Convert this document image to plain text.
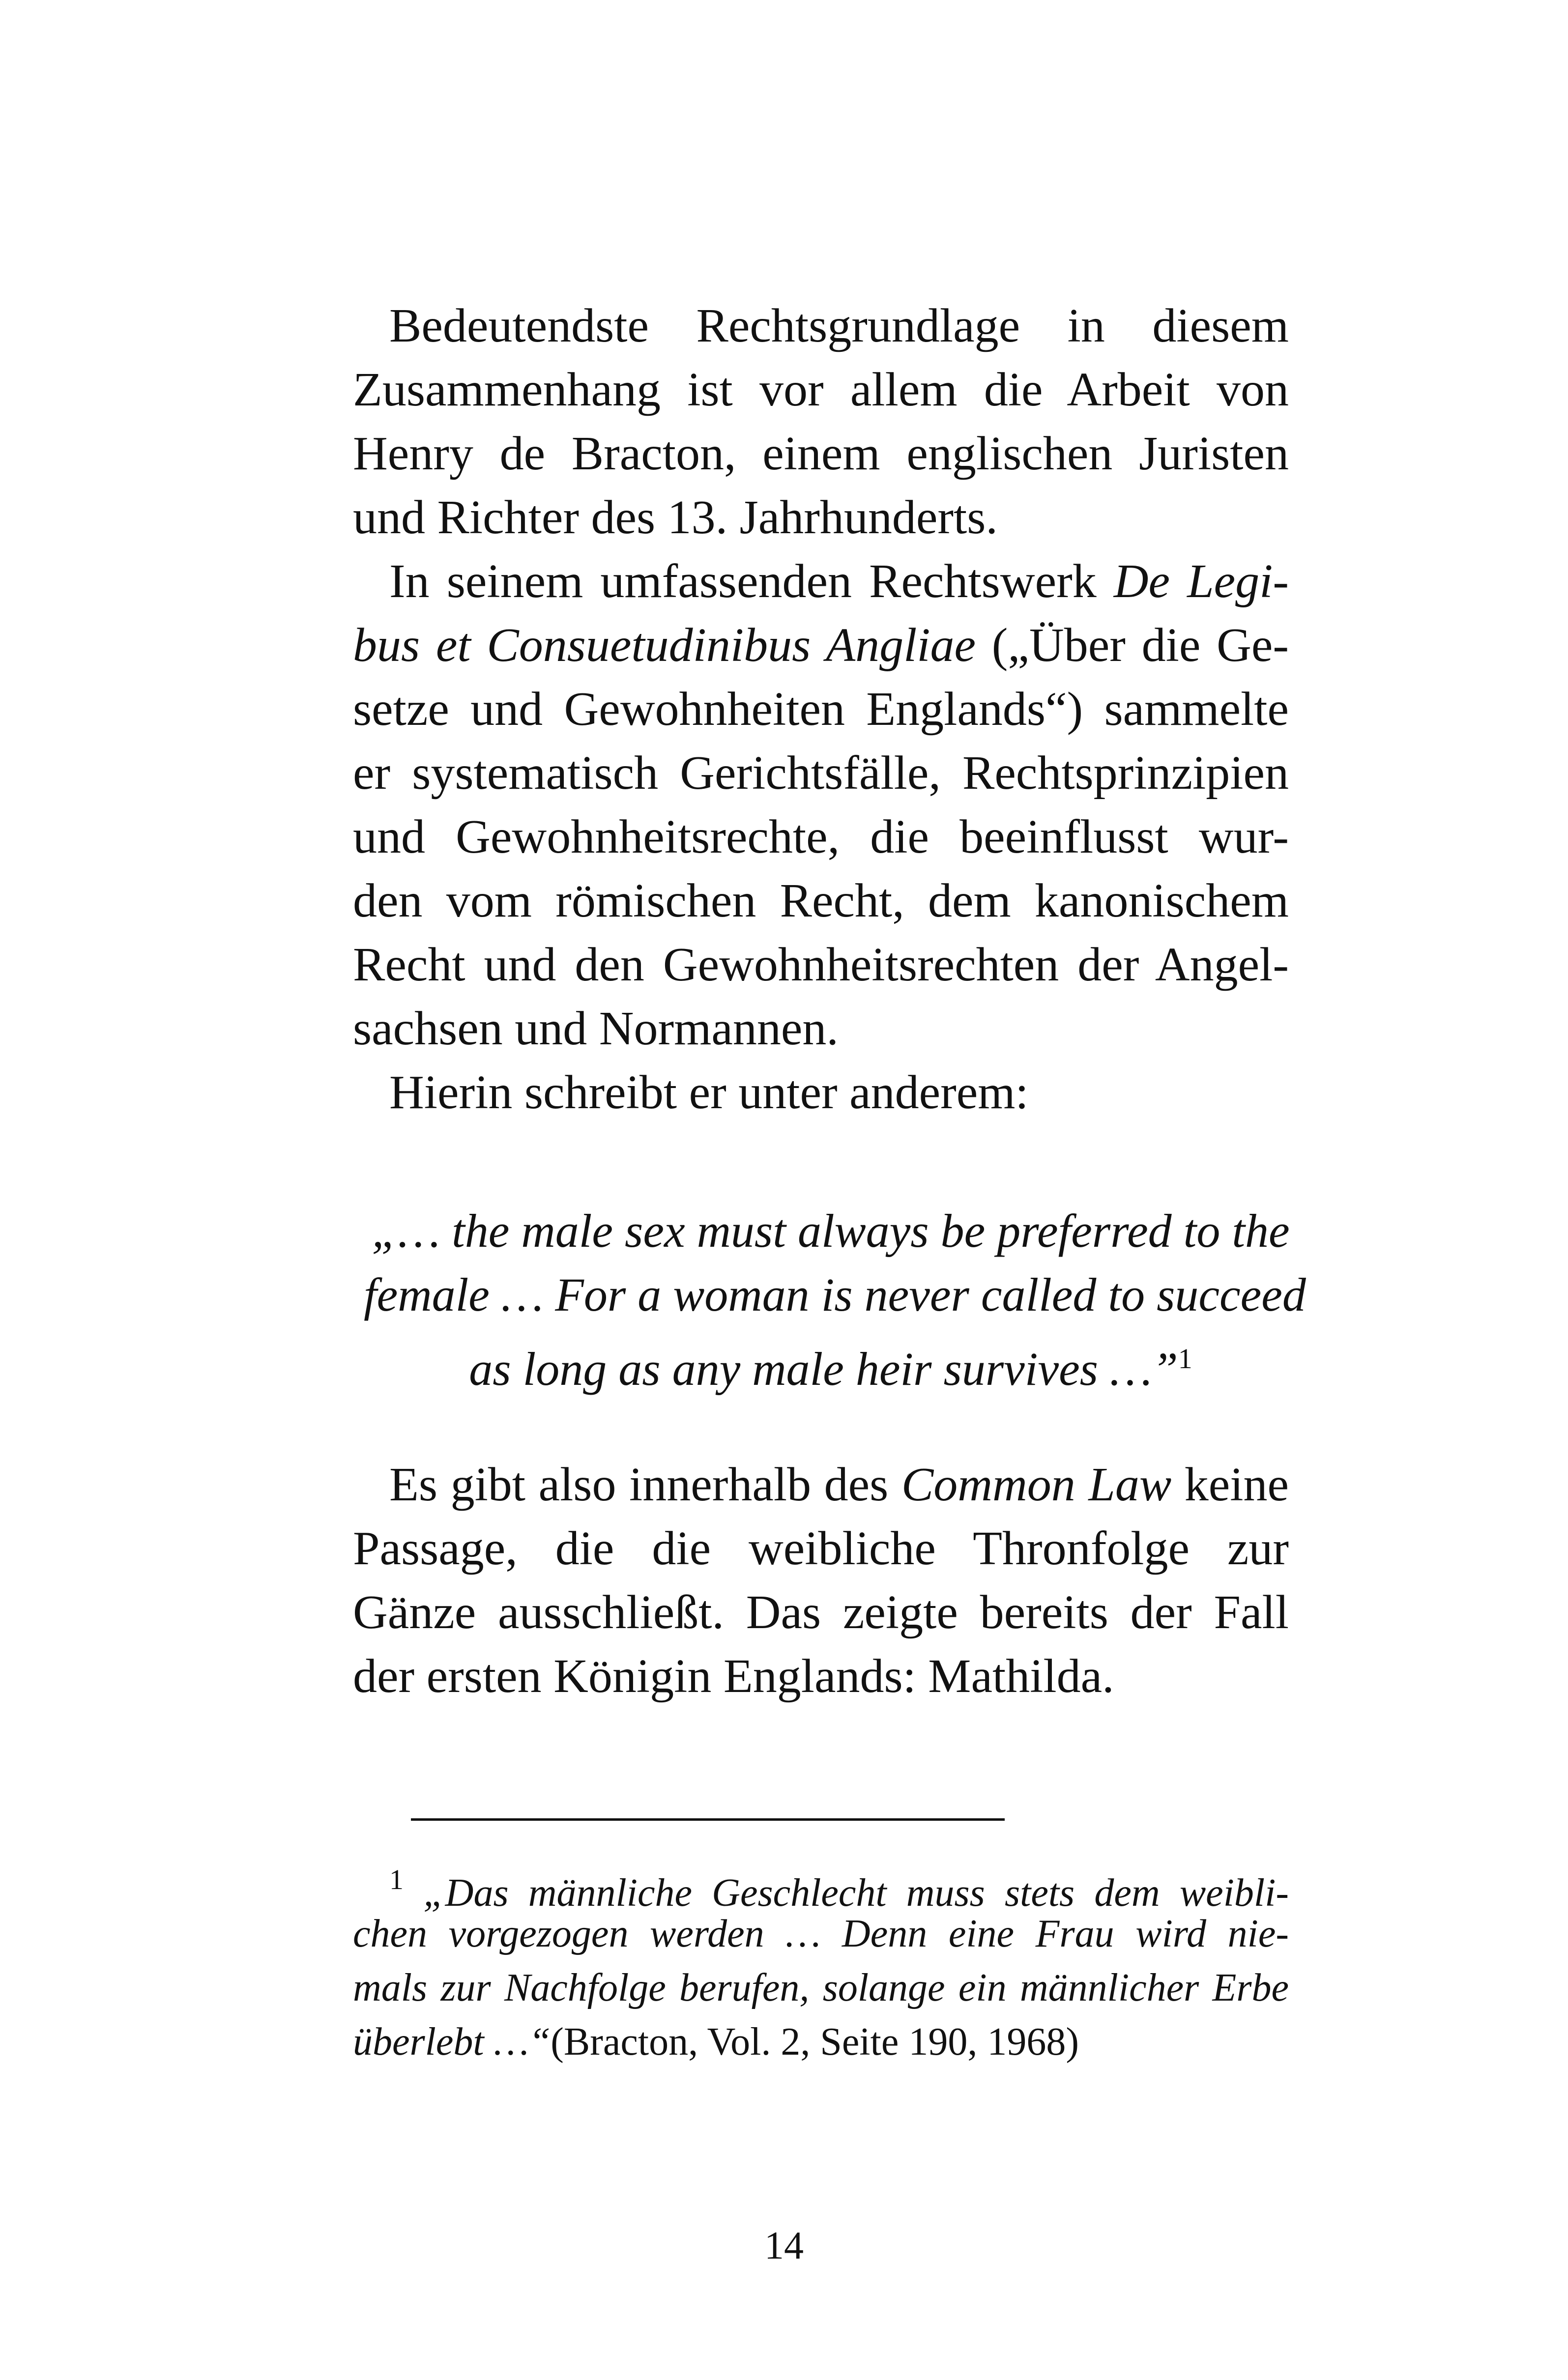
Bedeutendste Rechtsgrundlage in diesem
Zusammenhang ist vor allem die Arbeit von
Henry de Bracton, einem englischen Juristen
und Richter des 13. Jahrhunderts.
In seinem umfassenden Rechtswerk De Legi-
bus et Consuetudinibus Angliae („Über die Ge-
setze und Gewohnheiten Englands“) sammelte
er systematisch Gerichtsfälle, Rechtsprinzipien
und Gewohnheitsrechte, die beeinflusst wur-
den vom römischen Recht, dem kanonischem
Recht und den Gewohnheitsrechten der Angel-
sachsen und Normannen.
Hierin schreibt er unter anderem:
„… the male sex must always be preferred to the
female … For a woman is never called to succeed
as long as any male heir survives …”$^1$
Es gibt also innerhalb des Common Law keine
Passage, die die weibliche Thronfolge zur
Gänze ausschließt. Das zeigte bereits der Fall
der ersten Königin Englands: Mathilda.
$^1$ „Das männliche Geschlecht muss stets dem weibli-
chen vorgezogen werden … Denn eine Frau wird nie-
mals zur Nachfolge berufen, solange ein männlicher Erbe
überlebt …“(Bracton, Vol. 2, Seite 190, 1968)
14
